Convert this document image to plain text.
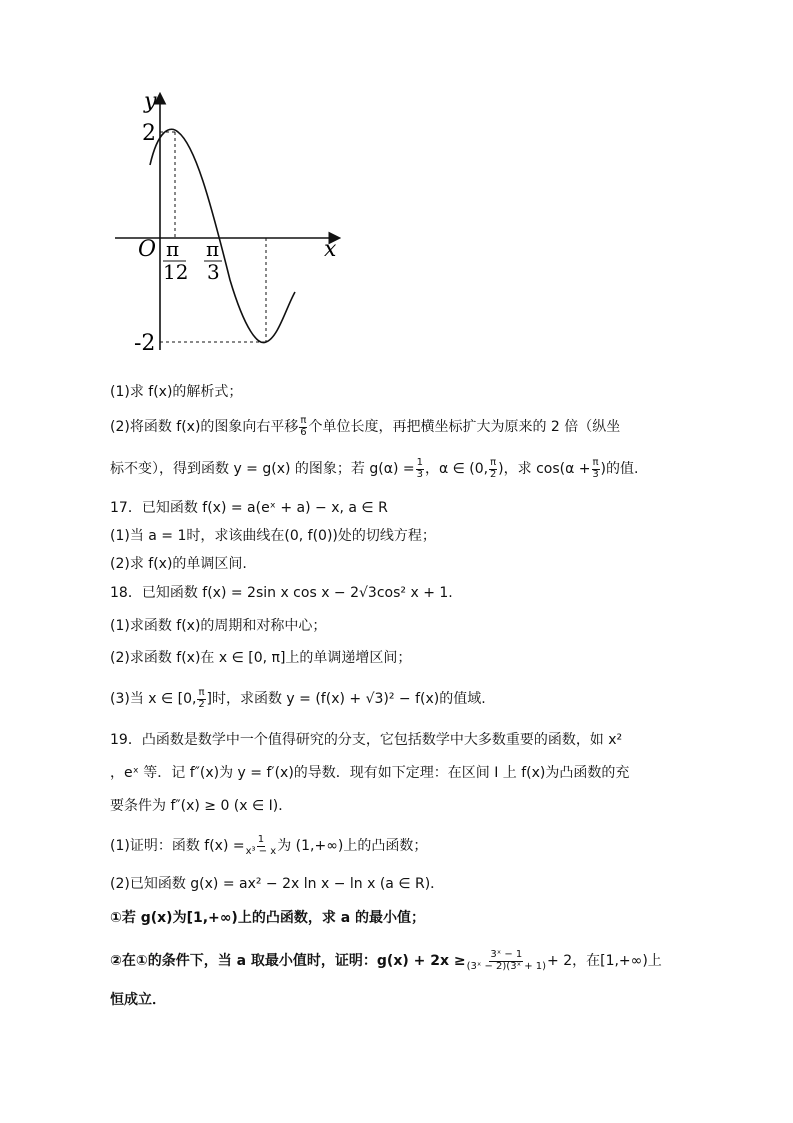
y
x
O
2
-2
π
12
π
3
(1)求 f(x)的解析式；
(2)将函数 f(x)的图象向右平移 $\frac{\pi}{6}$ 个单位长度，再把横坐标扩大为原来的 2 倍（纵坐
标不变），得到函数 y = g(x) 的图象；若 $g(\alpha) = \frac{1}{3}$ ，α ∈ (0, $\frac{\pi}{2}$ )，求 $\cos(\alpha + \frac{\pi}{3}$ )的值.
17．已知函数 f(x) = a(eˣ + a) − x, a ∈ R
(1)当 a = 1时，求该曲线在(0, f(0))处的切线方程；
(2)求 f(x)的单调区间.
18．已知函数 f(x) = 2sin x cos x − 2√3cos² x + 1.
(1)求函数 f(x)的周期和对称中心；
(2)求函数 f(x)在 x ∈ [0, π]上的单调递增区间；
(3)当 x ∈ [0, $\frac{\pi}{2}$ ]时，求函数 y = (f(x) + √3)² − f(x)的值域.
19．凸函数是数学中一个值得研究的分支，它包括数学中大多数重要的函数，如 x²
，eˣ 等．记 f″(x)为 y = f′(x)的导数．现有如下定理：在区间 I 上 f(x)为凸函数的充
要条件为 f″(x) ≥ 0 (x ∈ I)．
(1)证明：函数 $f(x) = \frac{1}{\text{x³ − x}}$ 为 (1,+∞)上的凸函数；
(2)已知函数 g(x) = ax² − 2x ln x − ln x (a ∈ R)．
①若 g(x)为[1,+∞)上的凸函数，求 a 的最小值；
②在①的条件下，当 a 取最小值时，证明：$g(x) + 2x \ge \frac{\text{3ˣ − 1}}{\text{(3ˣ − 2)(3ˣ + 1)}} + 2$，在[1,+∞)上
恒成立．
